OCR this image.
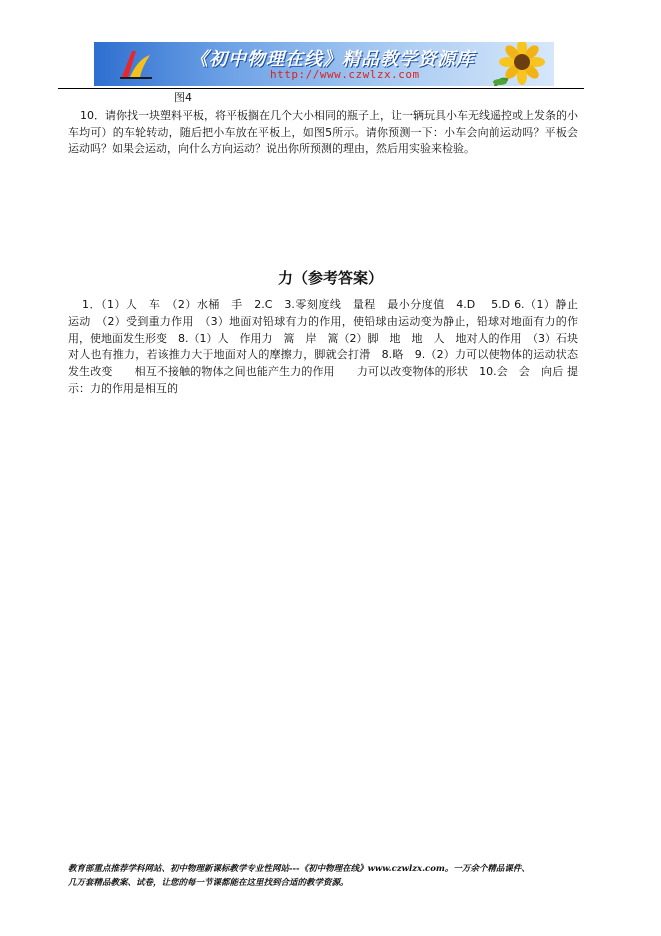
《初中物理在线》精品教学资源库
http://www.czwlzx.com
图4
10．请你找一块塑料平板，将平板搁在几个大小相同的瓶子上，让一辆玩具小车无线遥控或上发条的小车均可）的车轮转动，随后把小车放在平板上，如图5所示。请你预测一下：小车会向前运动吗？平板会运动吗？如果会运动，向什么方向运动？说出你所预测的理由，然后用实验来检验。
力（参考答案）
1．（1）人　车　（2）水桶　手　2.C　3.零刻度线　量程　最小分度值　4.D　 5.D 6.（1）静止　运动　（2）受到重力作用　（3）地面对铅球有力的作用，使铅球由运动变为静止，铅球对地面有力的作用，使地面发生形变　8.（1）人　作用力　篙　岸　篙（2）脚　地　地　人　地对人的作用　（3）石块对人也有推力，若该推力大于地面对人的摩擦力，脚就会打滑　8.略　9.（2）力可以使物体的运动状态发生改变　　相互不接触的物体之间也能产生力的作用　　力可以改变物体的形状　10.会　会　向后 提示：力的作用是相互的
教育部重点推荐学科网站、初中物理新课标教学专业性网站---《初中物理在线》www.czwlzx.com。一万余个精品课件、
几万套精品教案、试卷，让您的每一节课都能在这里找到合适的教学资源。
